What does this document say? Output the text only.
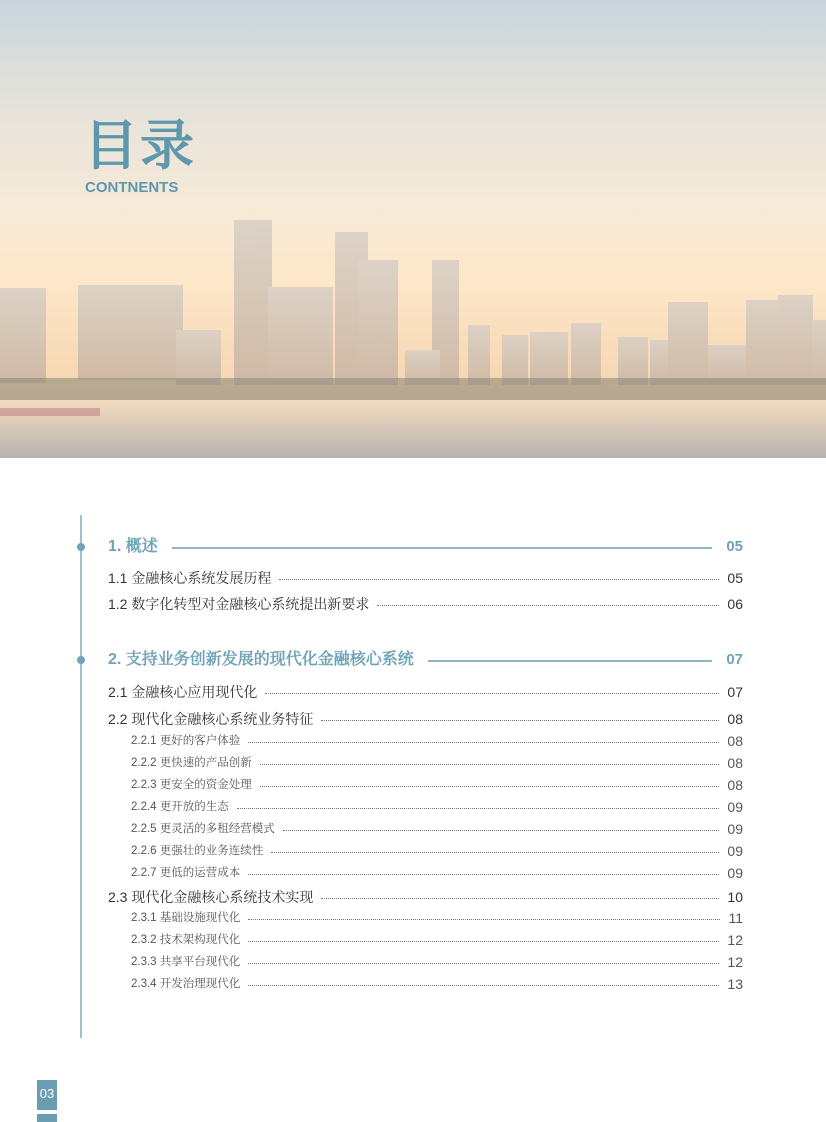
目录
CONTNENTS
1. 概述	05
1.1 金融核心系统发展历程	05
1.2 数字化转型对金融核心系统提出新要求	06
2. 支持业务创新发展的现代化金融核心系统	07
2.1 金融核心应用现代化	07
2.2 现代化金融核心系统业务特征	08
2.2.1 更好的客户体验	08
2.2.2 更快速的产品创新	08
2.2.3 更安全的资金处理	08
2.2.4 更开放的生态	09
2.2.5 更灵活的多租经营模式	09
2.2.6 更强壮的业务连续性	09
2.2.7 更低的运营成本	09
2.3 现代化金融核心系统技术实现	10
2.3.1 基础设施现代化	11
2.3.2 技术架构现代化	12
2.3.3 共享平台现代化	12
2.3.4 开发治理现代化	13
03
